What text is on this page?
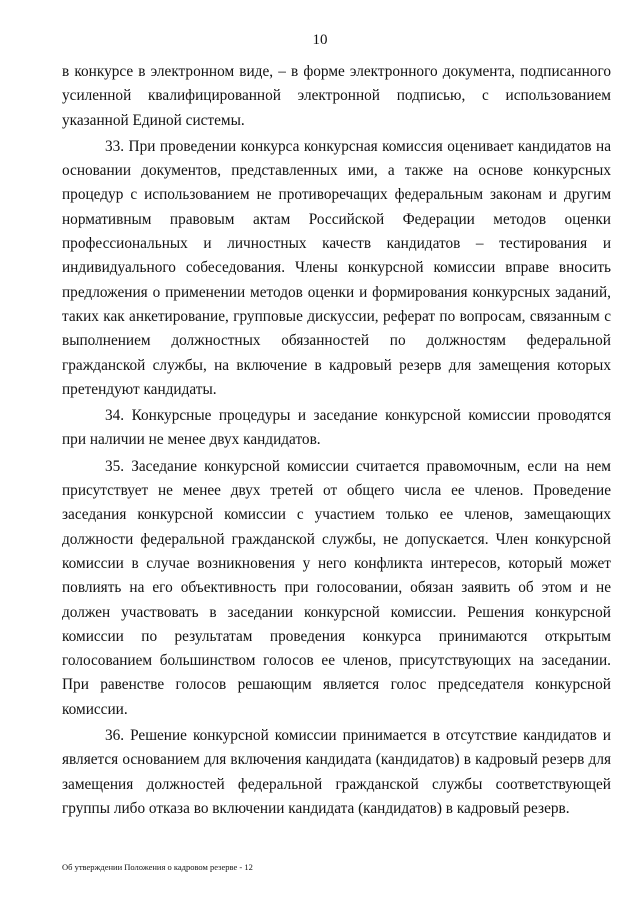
10

в конкурсе в электронном виде, – в форме электронного документа, подписанного усиленной квалифицированной электронной подписью, с использованием указанной Единой системы.

33. При проведении конкурса конкурсная комиссия оценивает кандидатов на основании документов, представленных ими, а также на основе конкурсных процедур с использованием не противоречащих федеральным законам и другим нормативным правовым актам Российской Федерации методов оценки профессиональных и личностных качеств кандидатов – тестирования и индивидуального собеседования. Члены конкурсной комиссии вправе вносить предложения о применении методов оценки и формирования конкурсных заданий, таких как анкетирование, групповые дискуссии, реферат по вопросам, связанным с выполнением должностных обязанностей по должностям федеральной гражданской службы, на включение в кадровый резерв для замещения которых претендуют кандидаты.

34. Конкурсные процедуры и заседание конкурсной комиссии проводятся при наличии не менее двух кандидатов.

35. Заседание конкурсной комиссии считается правомочным, если на нем присутствует не менее двух третей от общего числа ее членов. Проведение заседания конкурсной комиссии с участием только ее членов, замещающих должности федеральной гражданской службы, не допускается. Член конкурсной комиссии в случае возникновения у него конфликта интересов, который может повлиять на его объективность при голосовании, обязан заявить об этом и не должен участвовать в заседании конкурсной комиссии. Решения конкурсной комиссии по результатам проведения конкурса принимаются открытым голосованием большинством голосов ее членов, присутствующих на заседании. При равенстве голосов решающим является голос председателя конкурсной комиссии.

36. Решение конкурсной комиссии принимается в отсутствие кандидатов и является основанием для включения кандидата (кандидатов) в кадровый резерв для замещения должностей федеральной гражданской службы соответствующей группы либо отказа во включении кандидата (кандидатов) в кадровый резерв.

Об утверждении Положения о кадровом резерве - 12
